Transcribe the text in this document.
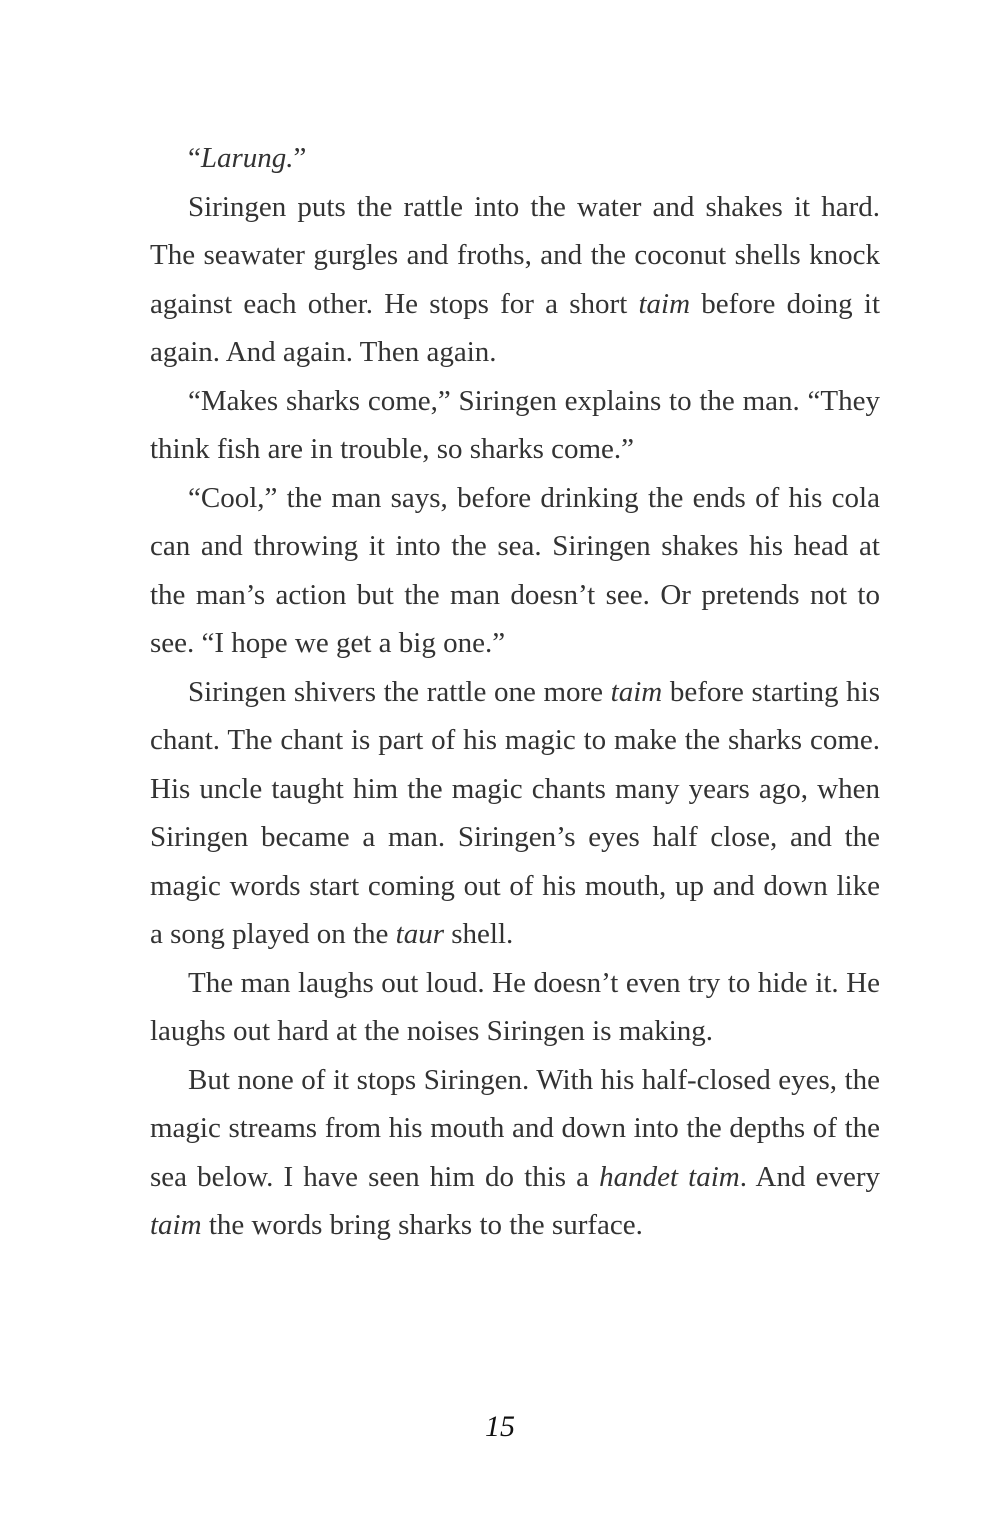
“Larung.”

Siringen puts the rattle into the water and shakes it hard. The seawater gurgles and froths, and the coconut shells knock against each other. He stops for a short taim before doing it again. And again. Then again.

“Makes sharks come,” Siringen explains to the man. “They think fish are in trouble, so sharks come.”

“Cool,” the man says, before drinking the ends of his cola can and throwing it into the sea. Siringen shakes his head at the man’s action but the man doesn’t see. Or pretends not to see. “I hope we get a big one.”

Siringen shivers the rattle one more taim before starting his chant. The chant is part of his magic to make the sharks come. His uncle taught him the magic chants many years ago, when Siringen became a man. Siringen’s eyes half close, and the magic words start coming out of his mouth, up and down like a song played on the taur shell.

The man laughs out loud. He doesn’t even try to hide it. He laughs out hard at the noises Siringen is making.

But none of it stops Siringen. With his half-closed eyes, the magic streams from his mouth and down into the depths of the sea below. I have seen him do this a handet taim. And every taim the words bring sharks to the surface.

15
